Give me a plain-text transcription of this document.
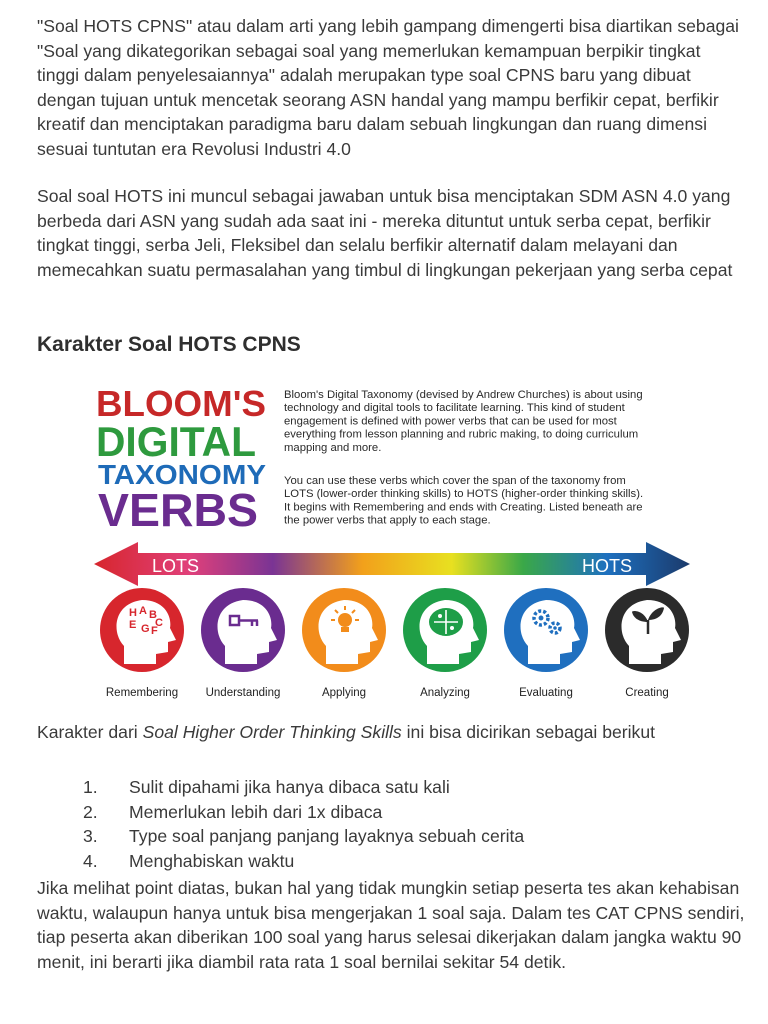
"Soal HOTS CPNS" atau dalam arti yang lebih gampang dimengerti bisa diartikan sebagai "Soal yang dikategorikan sebagai soal yang memerlukan kemampuan berpikir tingkat tinggi dalam penyelesaiannya" adalah merupakan type soal CPNS baru yang dibuat dengan tujuan untuk mencetak seorang ASN handal yang mampu berfikir cepat, berfikir kreatif dan menciptakan paradigma baru dalam sebuah lingkungan dan ruang dimensi sesuai tuntutan era Revolusi Industri 4.0

Soal soal HOTS ini muncul sebagai jawaban untuk bisa menciptakan SDM ASN 4.0 yang berbeda dari ASN yang sudah ada saat ini - mereka dituntut untuk serba cepat, berfikir tingkat tinggi, serba Jeli, Fleksibel dan selalu berfikir alternatif dalam melayani dan memecahkan suatu permasalahan yang timbul di lingkungan pekerjaan yang serba cepat

Karakter Soal HOTS CPNS
BLOOM'S
DIGITAL
TAXONOMY
VERBS
Bloom's Digital Taxonomy (devised by Andrew Churches) is about using
technology and digital tools to facilitate learning. This kind of student
engagement is defined with power verbs that can be used for most
everything from lesson planning and rubric making, to doing curriculum
mapping and more.
You can use these verbs which cover the span of the taxonomy from
LOTS (lower-order thinking skills) to HOTS (higher-order thinking skills).
It begins with Remembering and ends with Creating. Listed beneath are
the power verbs that apply to each stage.
LOTS	HOTS
H A B
E C
G F
Remembering Understanding	Applying	Analyzing	Evaluating	Creating

Karakter dari Soal Higher Order Thinking Skills ini bisa dicirikan sebagai berikut

1.	Sulit dipahami jika hanya dibaca satu kali
2.	Memerlukan lebih dari 1x dibaca
3.	Type soal panjang panjang layaknya sebuah cerita
4.	Menghabiskan waktu

Jika melihat point diatas, bukan hal yang tidak mungkin setiap peserta tes akan kehabisan waktu, walaupun hanya untuk bisa mengerjakan 1 soal saja. Dalam tes CAT CPNS sendiri, tiap peserta akan diberikan 100 soal yang harus selesai dikerjakan dalam jangka waktu 90 menit, ini berarti jika diambil rata rata 1 soal bernilai sekitar 54 detik.
